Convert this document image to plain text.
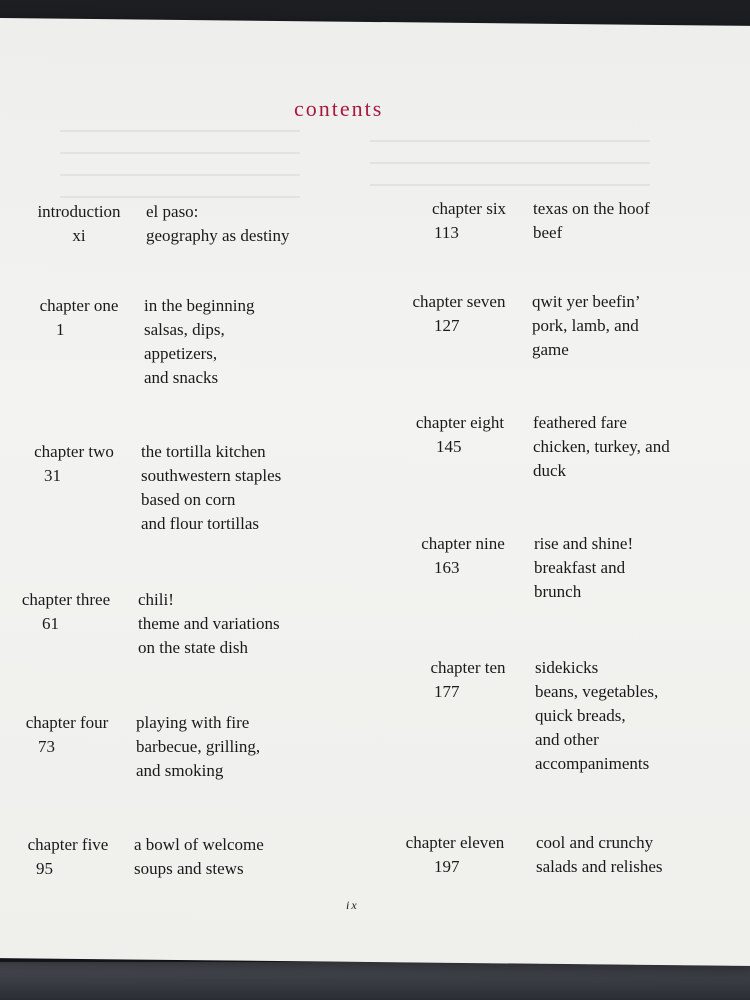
contents
introduction
xi
el paso:
geography as destiny
chapter one
1
in the beginning
salsas, dips,
appetizers,
and snacks
chapter two
31
the tortilla kitchen
southwestern staples
based on corn
and flour tortillas
chapter three
61
chili!
theme and variations
on the state dish
chapter four
73
playing with fire
barbecue, grilling,
and smoking
chapter five
95
a bowl of welcome
soups and stews
chapter six
113
texas on the hoof
beef
chapter seven
127
qwit yer beefin’
pork, lamb, and
game
chapter eight
145
feathered fare
chicken, turkey, and
duck
chapter nine
163
rise and shine!
breakfast and
brunch
chapter ten
177
sidekicks
beans, vegetables,
quick breads,
and other
accompaniments
chapter eleven
197
cool and crunchy
salads and relishes
ix
